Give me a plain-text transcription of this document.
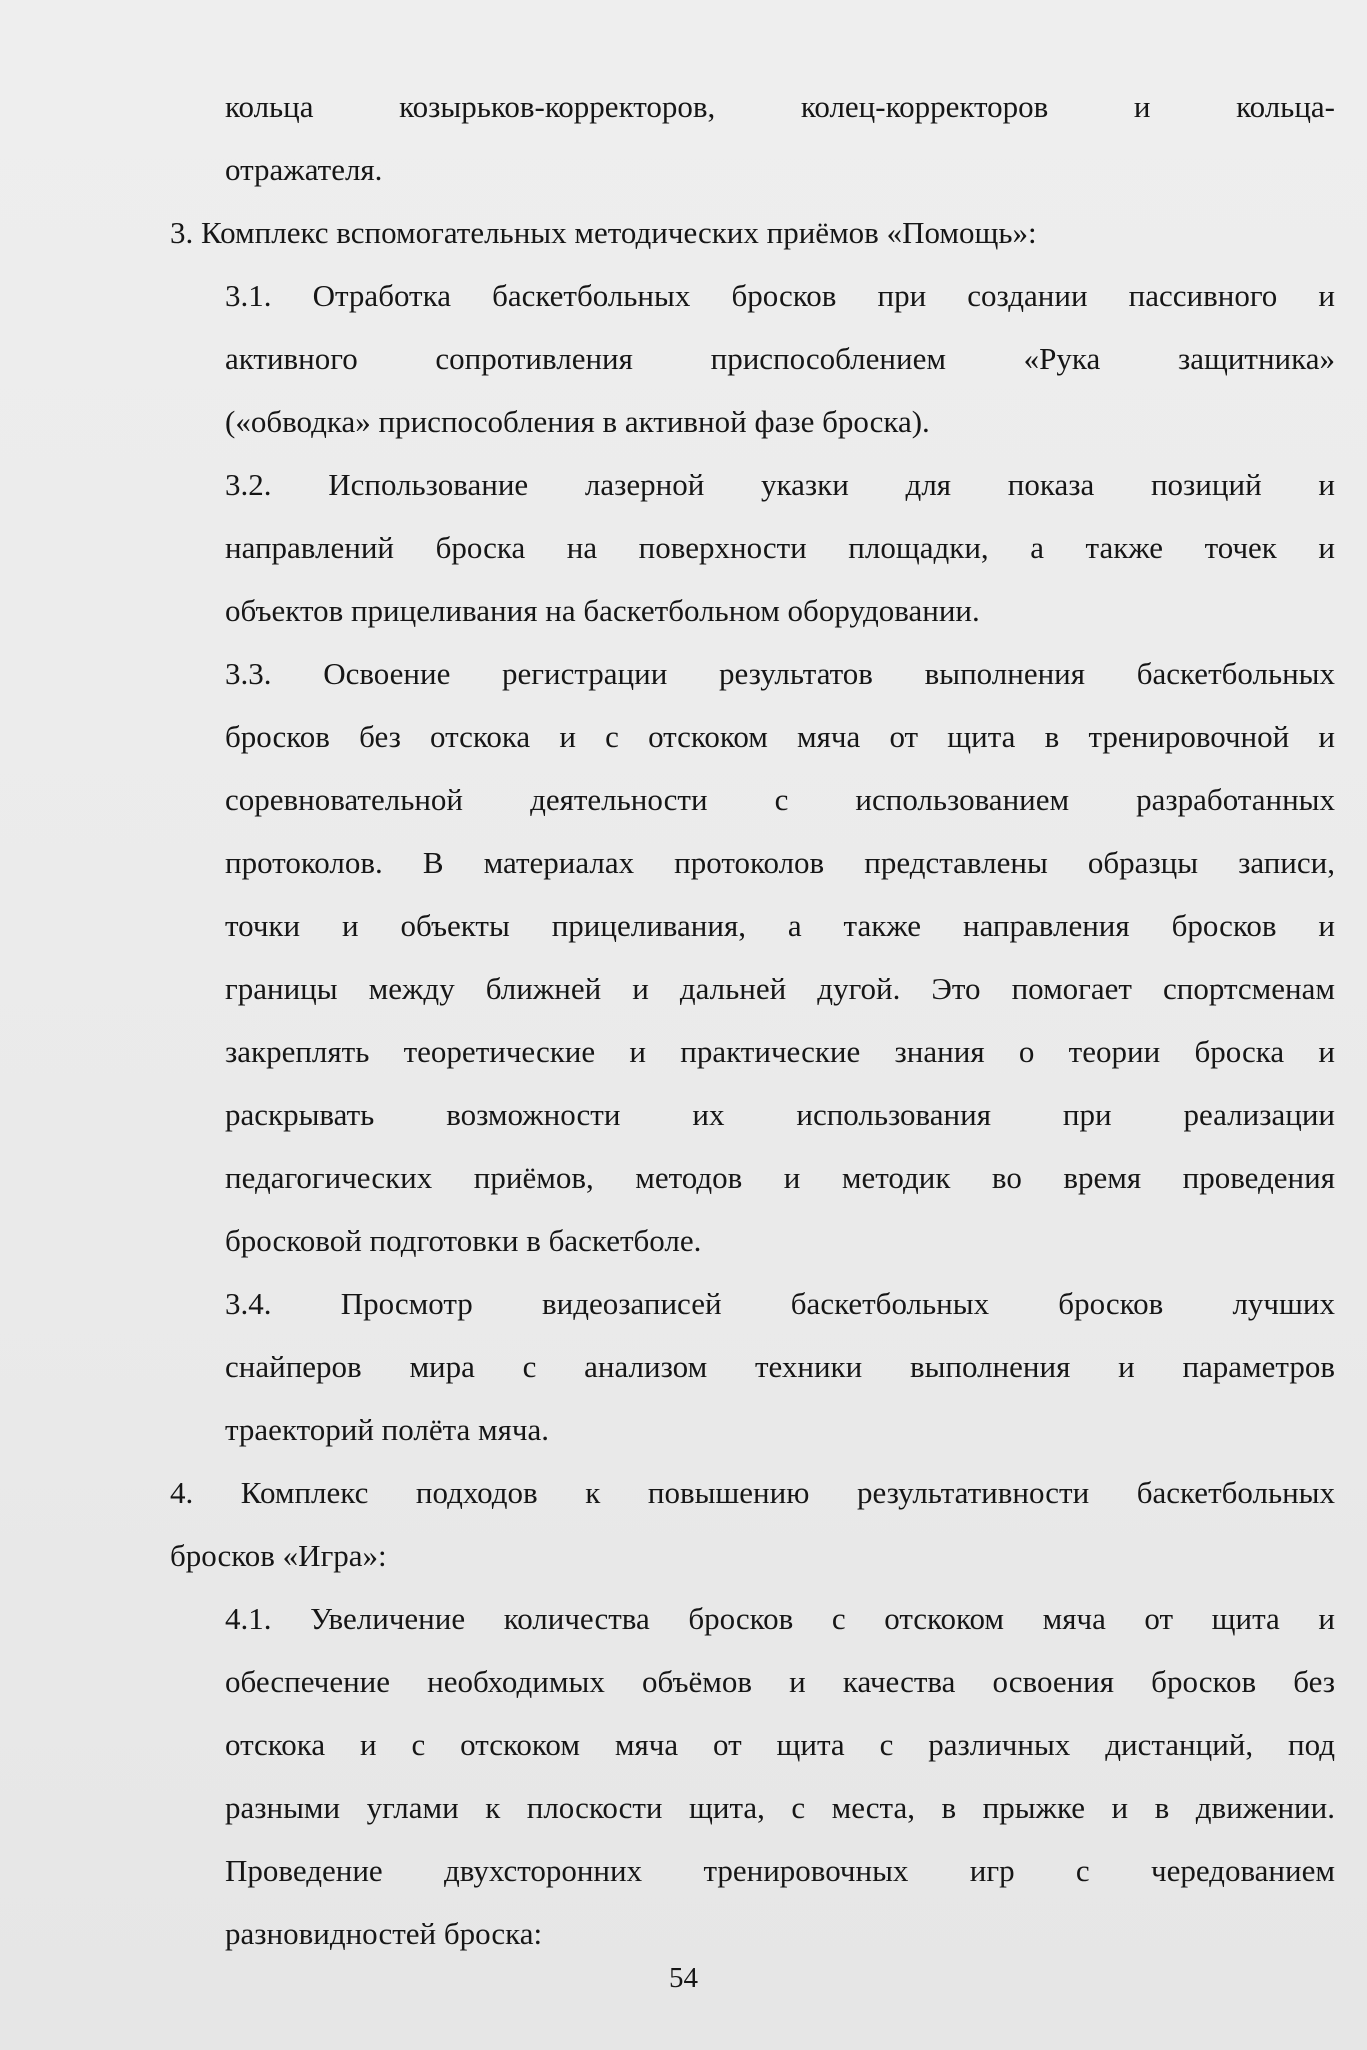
кольца козырьков-корректоров, колец-корректоров и кольца-
отражателя.
3. Комплекс вспомогательных методических приёмов «Помощь»:
3.1. Отработка баскетбольных бросков при создании пассивного и
активного сопротивления приспособлением «Рука защитника»
(«обводка» приспособления в активной фазе броска).
3.2. Использование лазерной указки для показа позиций и
направлений броска на поверхности площадки, а также точек и
объектов прицеливания на баскетбольном оборудовании.
3.3. Освоение регистрации результатов выполнения баскетбольных
бросков без отскока и с отскоком мяча от щита в тренировочной и
соревновательной деятельности с использованием разработанных
протоколов. В материалах протоколов представлены образцы записи,
точки и объекты прицеливания, а также направления бросков и
границы между ближней и дальней дугой. Это помогает спортсменам
закреплять теоретические и практические знания о теории броска и
раскрывать возможности их использования при реализации
педагогических приёмов, методов и методик во время проведения
бросковой подготовки в баскетболе.
3.4. Просмотр видеозаписей баскетбольных бросков лучших
снайперов мира с анализом техники выполнения и параметров
траекторий полёта мяча.
4. Комплекс подходов к повышению результативности баскетбольных
бросков «Игра»:
4.1. Увеличение количества бросков с отскоком мяча от щита и
обеспечение необходимых объёмов и качества освоения бросков без
отскока и с отскоком мяча от щита с различных дистанций, под
разными углами к плоскости щита, с места, в прыжке и в движении.
Проведение двухсторонних тренировочных игр с чередованием
разновидностей броска:
54
